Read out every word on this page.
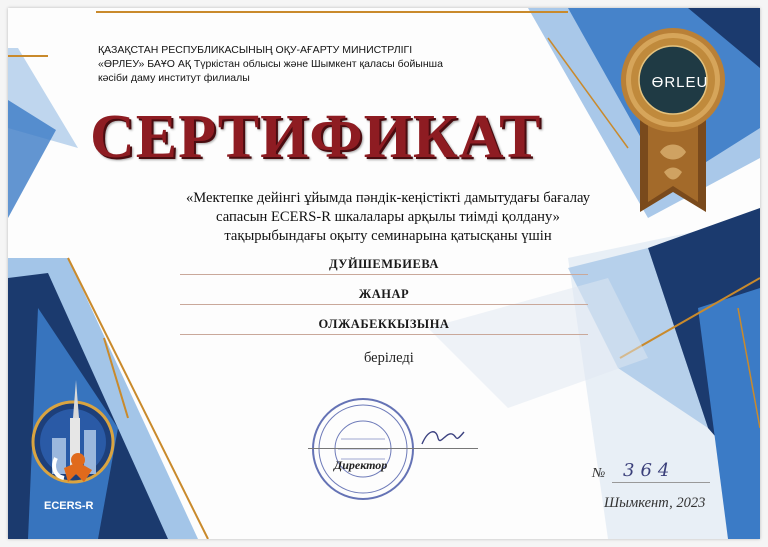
ҚАЗАҚСТАН РЕСПУБЛИКАСЫНЫҢ ОҚУ-АҒАРТУ МИНИСТРЛІГІ
«ӨРЛЕУ» БАҰО АҚ Түркістан облысы және Шымкент қаласы бойынша
кәсіби даму институт филиалы
СЕРТИФИКАТ
ӨRLEU
«Мектепке дейінгі ұйымда пәндік-кеңістікті дамытудағы бағалау
сапасын ECERS-R шкалалары арқылы тиімді қолдану»
тақырыбындағы оқыту семинарына қатысқаны үшін
ДУЙШЕМБИЕВА
ЖАНАР
ОЛЖАБЕККЫЗЫНА
беріледі
Директор
№ 364
Шымкент, 2023
ECERS-R
